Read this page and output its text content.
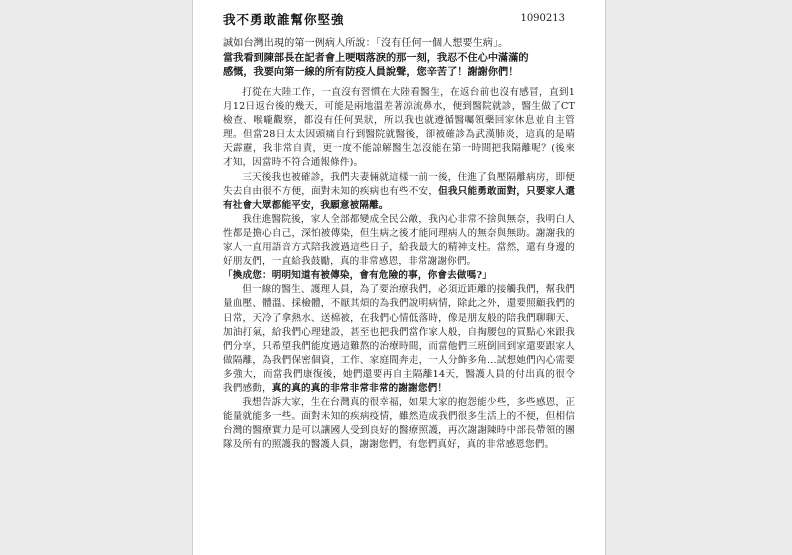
我不勇敢誰幫你堅強	1090213
誠如台灣出現的第一例病人所說：「沒有任何一個人想要生病」。
當我看到陳部長在記者會上哽咽落淚的那一刻，我忍不住心中滿滿的
感慨，我要向第一線的所有防疫人員說聲，您辛苦了！謝謝你們！

打從在大陸工作，一直沒有習慣在大陸看醫生，在返台前也沒有感冒，直到1月12日返台後的幾天，可能是兩地溫差著涼流鼻水，便到醫院就診，醫生做了CT檢查、喉嚨觀察，都沒有任何異狀，所以我也就遵循醫囑領藥回家休息並自主管理。但當28日太太因頭痛自行到醫院就醫後，卻被確診為武漢肺炎，這真的是晴天霹靂，我非常自責，更一度不能諒解醫生怎沒能在第一時間把我隔離呢？(後來才知，因當時不符合通報條件)。

三天後我也被確診，我們夫妻倆就這樣一前一後，住進了負壓隔離病房，即便失去自由很不方便，面對未知的疾病也有些不安，但我只能勇敢面對，只要家人還有社會大眾都能平安，我願意被隔離。

我住進醫院後，家人全部都變成全民公敵，我內心非常不捨與無奈，我明白人性都是擔心自己，深怕被傳染，但生病之後才能同理病人的無奈與無助。謝謝我的家人一直用語音方式陪我渡過這些日子，給我最大的精神支柱。當然，還有身邊的好朋友們，一直給我鼓勵，真的非常感恩，非常謝謝你們。

「換成您：明明知道有被傳染，會有危險的事，你會去做嗎?」

但一線的醫生、護理人員，為了要治療我們，必須近距離的接觸我們，幫我們量血壓、體溫、採檢體，不厭其煩的為我們說明病情，除此之外，還要照顧我們的日常，天冷了拿熱水、送棉被，在我們心情低落時，像是朋友般的陪我們聊聊天、加油打氣，給我們心理建設，甚至也把我們當作家人般，自掏腰包的買點心來跟我們分享，只希望我們能度過這難熬的治療時間，而當他們三班倒回到家還要跟家人做隔離，為我們保密個資，工作、家庭間奔走，一人分飾多角…試想她們內心需要多強大，而當我們康復後，她們還要再自主隔離14天，醫護人員的付出真的很令我們感動，真的真的真的非常非常非常的謝謝您們！

我想告訴大家，生在台灣真的很幸福，如果大家的抱怨能少些，多些感恩，正能量就能多一些。面對未知的疾病疫情，雖然造成我們很多生活上的不便，但相信台灣的醫療實力是可以讓國人受到良好的醫療照護，再次謝謝陳時中部長帶領的團隊及所有的照護我的醫護人員，謝謝您們，有您們真好，真的非常感恩您們。
